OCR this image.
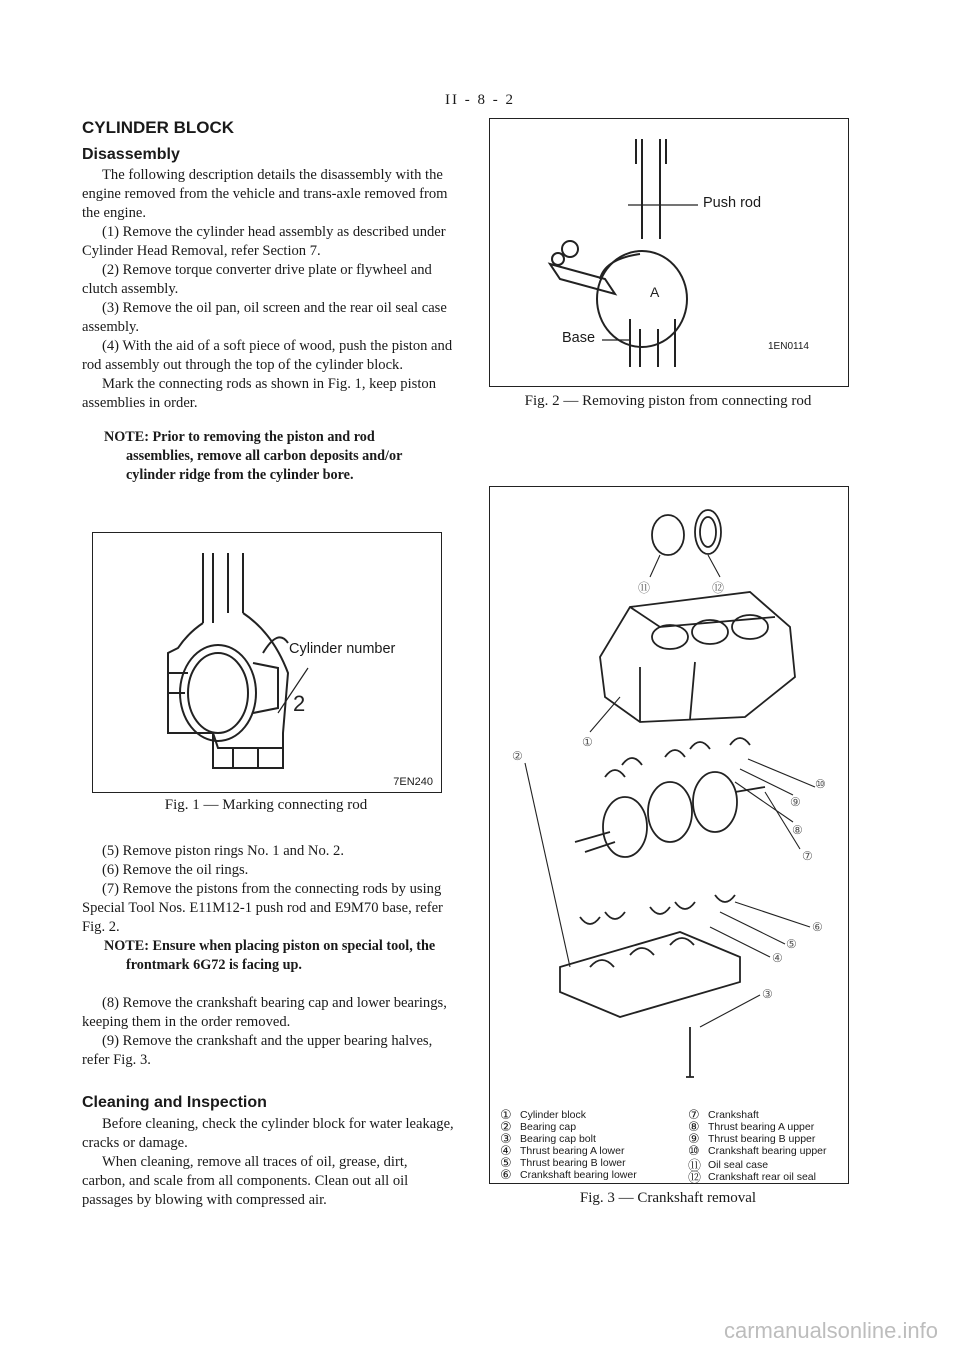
II - 8 - 2
CYLINDER BLOCK
Disassembly

The following description details the disassembly with the engine removed from the vehicle and trans-axle removed from the engine.

(1) Remove the cylinder head assembly as described under Cylinder Head Removal, refer Section 7.

(2) Remove torque converter drive plate or flywheel and clutch assembly.

(3) Remove the oil pan, oil screen and the rear oil seal case assembly.

(4) With the aid of a soft piece of wood, push the piston and rod assembly out through the top of the cylinder block.

Mark the connecting rods as shown in Fig. 1, keep piston assemblies in order.

NOTE: Prior to removing the piston and rod assemblies, remove all carbon deposits and/or cylinder ridge from the cylinder bore.

2
Cylinder number
7EN240
Fig. 1 — Marking connecting rod

(5) Remove piston rings No. 1 and No. 2.

(6) Remove the oil rings.

(7) Remove the pistons from the connecting rods by using Special Tool Nos. E11M12-1 push rod and E9M70 base, refer Fig. 2.

NOTE: Ensure when placing piston on special tool, the frontmark 6G72 is facing up.

(8) Remove the crankshaft bearing cap and lower bearings, keeping them in the order removed.

(9) Remove the crankshaft and the upper bearing halves, refer Fig. 3.

Cleaning and Inspection

Before cleaning, check the cylinder block for water leakage, cracks or damage.

When cleaning, remove all traces of oil, grease, dirt, carbon, and scale from all components. Clean out all oil passages by blowing with compressed air.

A
Push rod
Base
1EN0114
Fig. 2 — Removing piston from connecting rod
⑪	⑫
①
⑩
⑨
⑧
⑦
②
⑥
⑤
④
③
① Cylinder block
② Bearing cap
③ Bearing cap bolt
④ Thrust bearing A lower
⑤ Thrust bearing B lower
⑥ Crankshaft bearing lower
⑦ Crankshaft
⑧ Thrust bearing A upper
⑨ Thrust bearing B upper
⑩ Crankshaft bearing upper
⑪ Oil seal case
⑫ Crankshaft rear oil seal
Fig. 3 — Crankshaft removal
carmanualsonline.info
